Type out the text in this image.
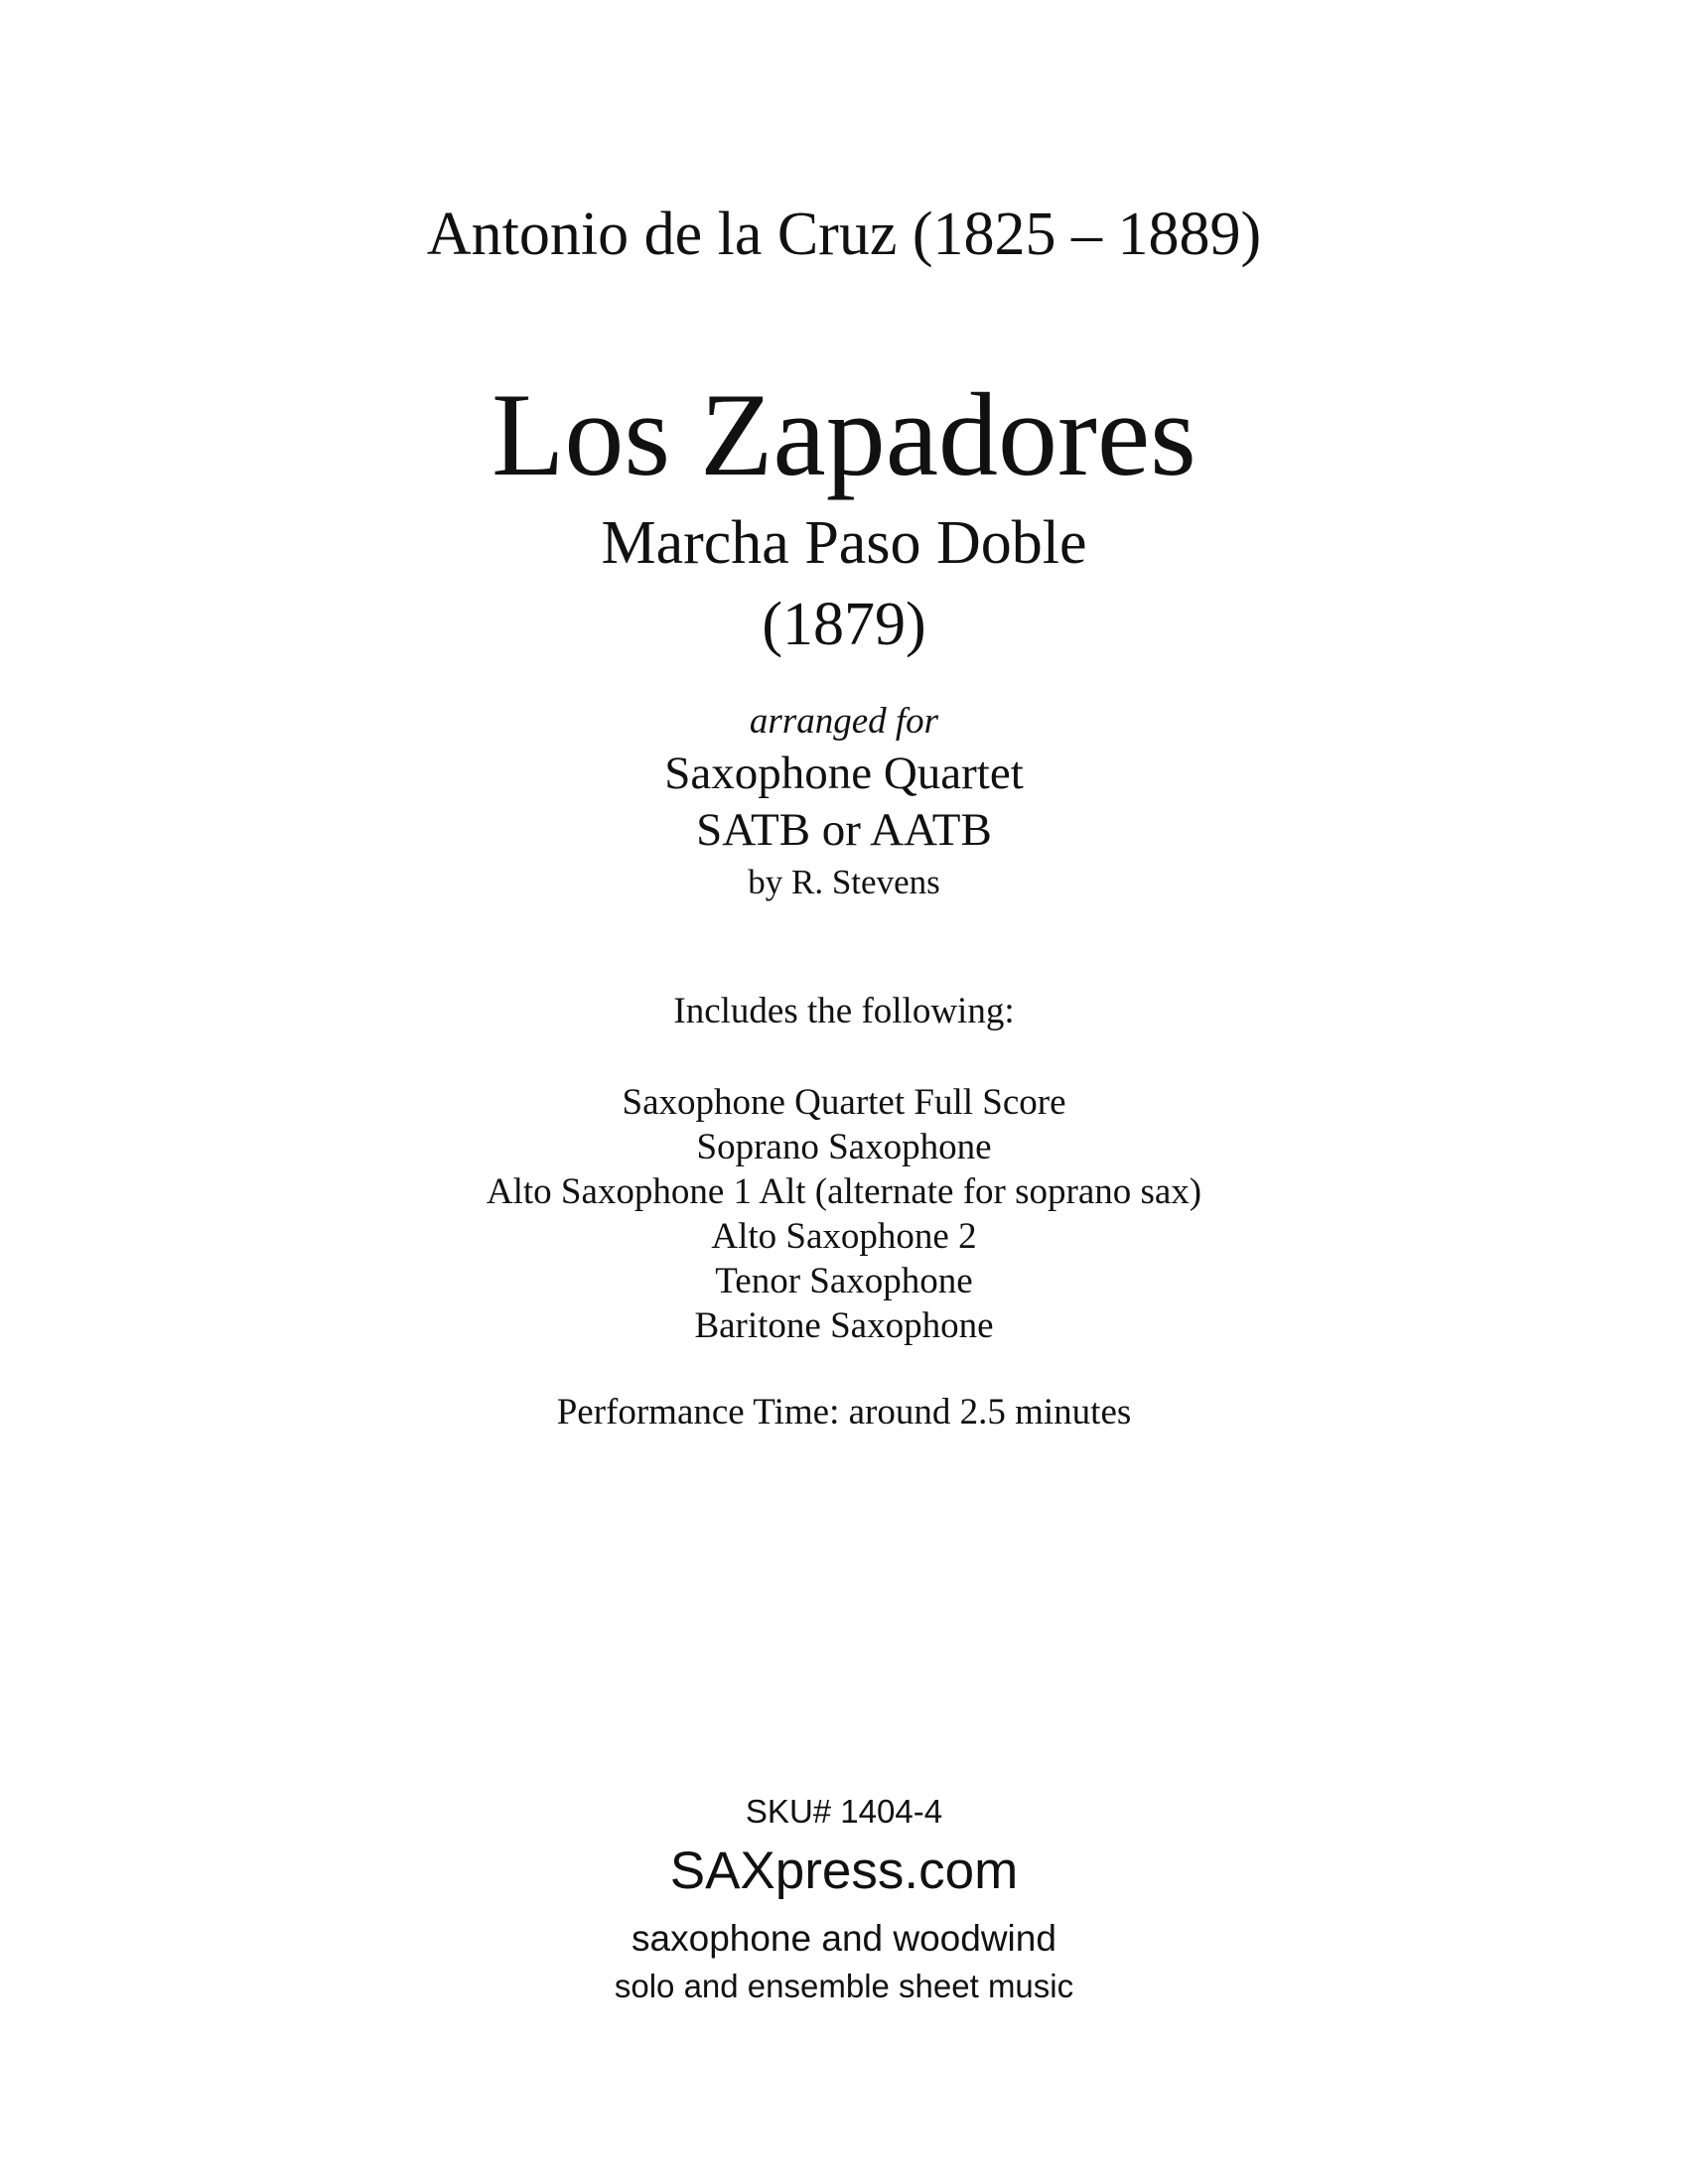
Antonio de la Cruz (1825 – 1889)

Los Zapadores

Marcha Paso Doble

(1879)

arranged for

Saxophone Quartet

SATB or AATB

by R. Stevens

Includes the following:

Saxophone Quartet Full Score
Soprano Saxophone
Alto Saxophone 1 Alt (alternate for soprano sax)
Alto Saxophone 2
Tenor Saxophone
Baritone Saxophone

Performance Time: around 2.5 minutes

SKU# 1404-4

SAXpress.com

saxophone and woodwind

solo and ensemble sheet music
